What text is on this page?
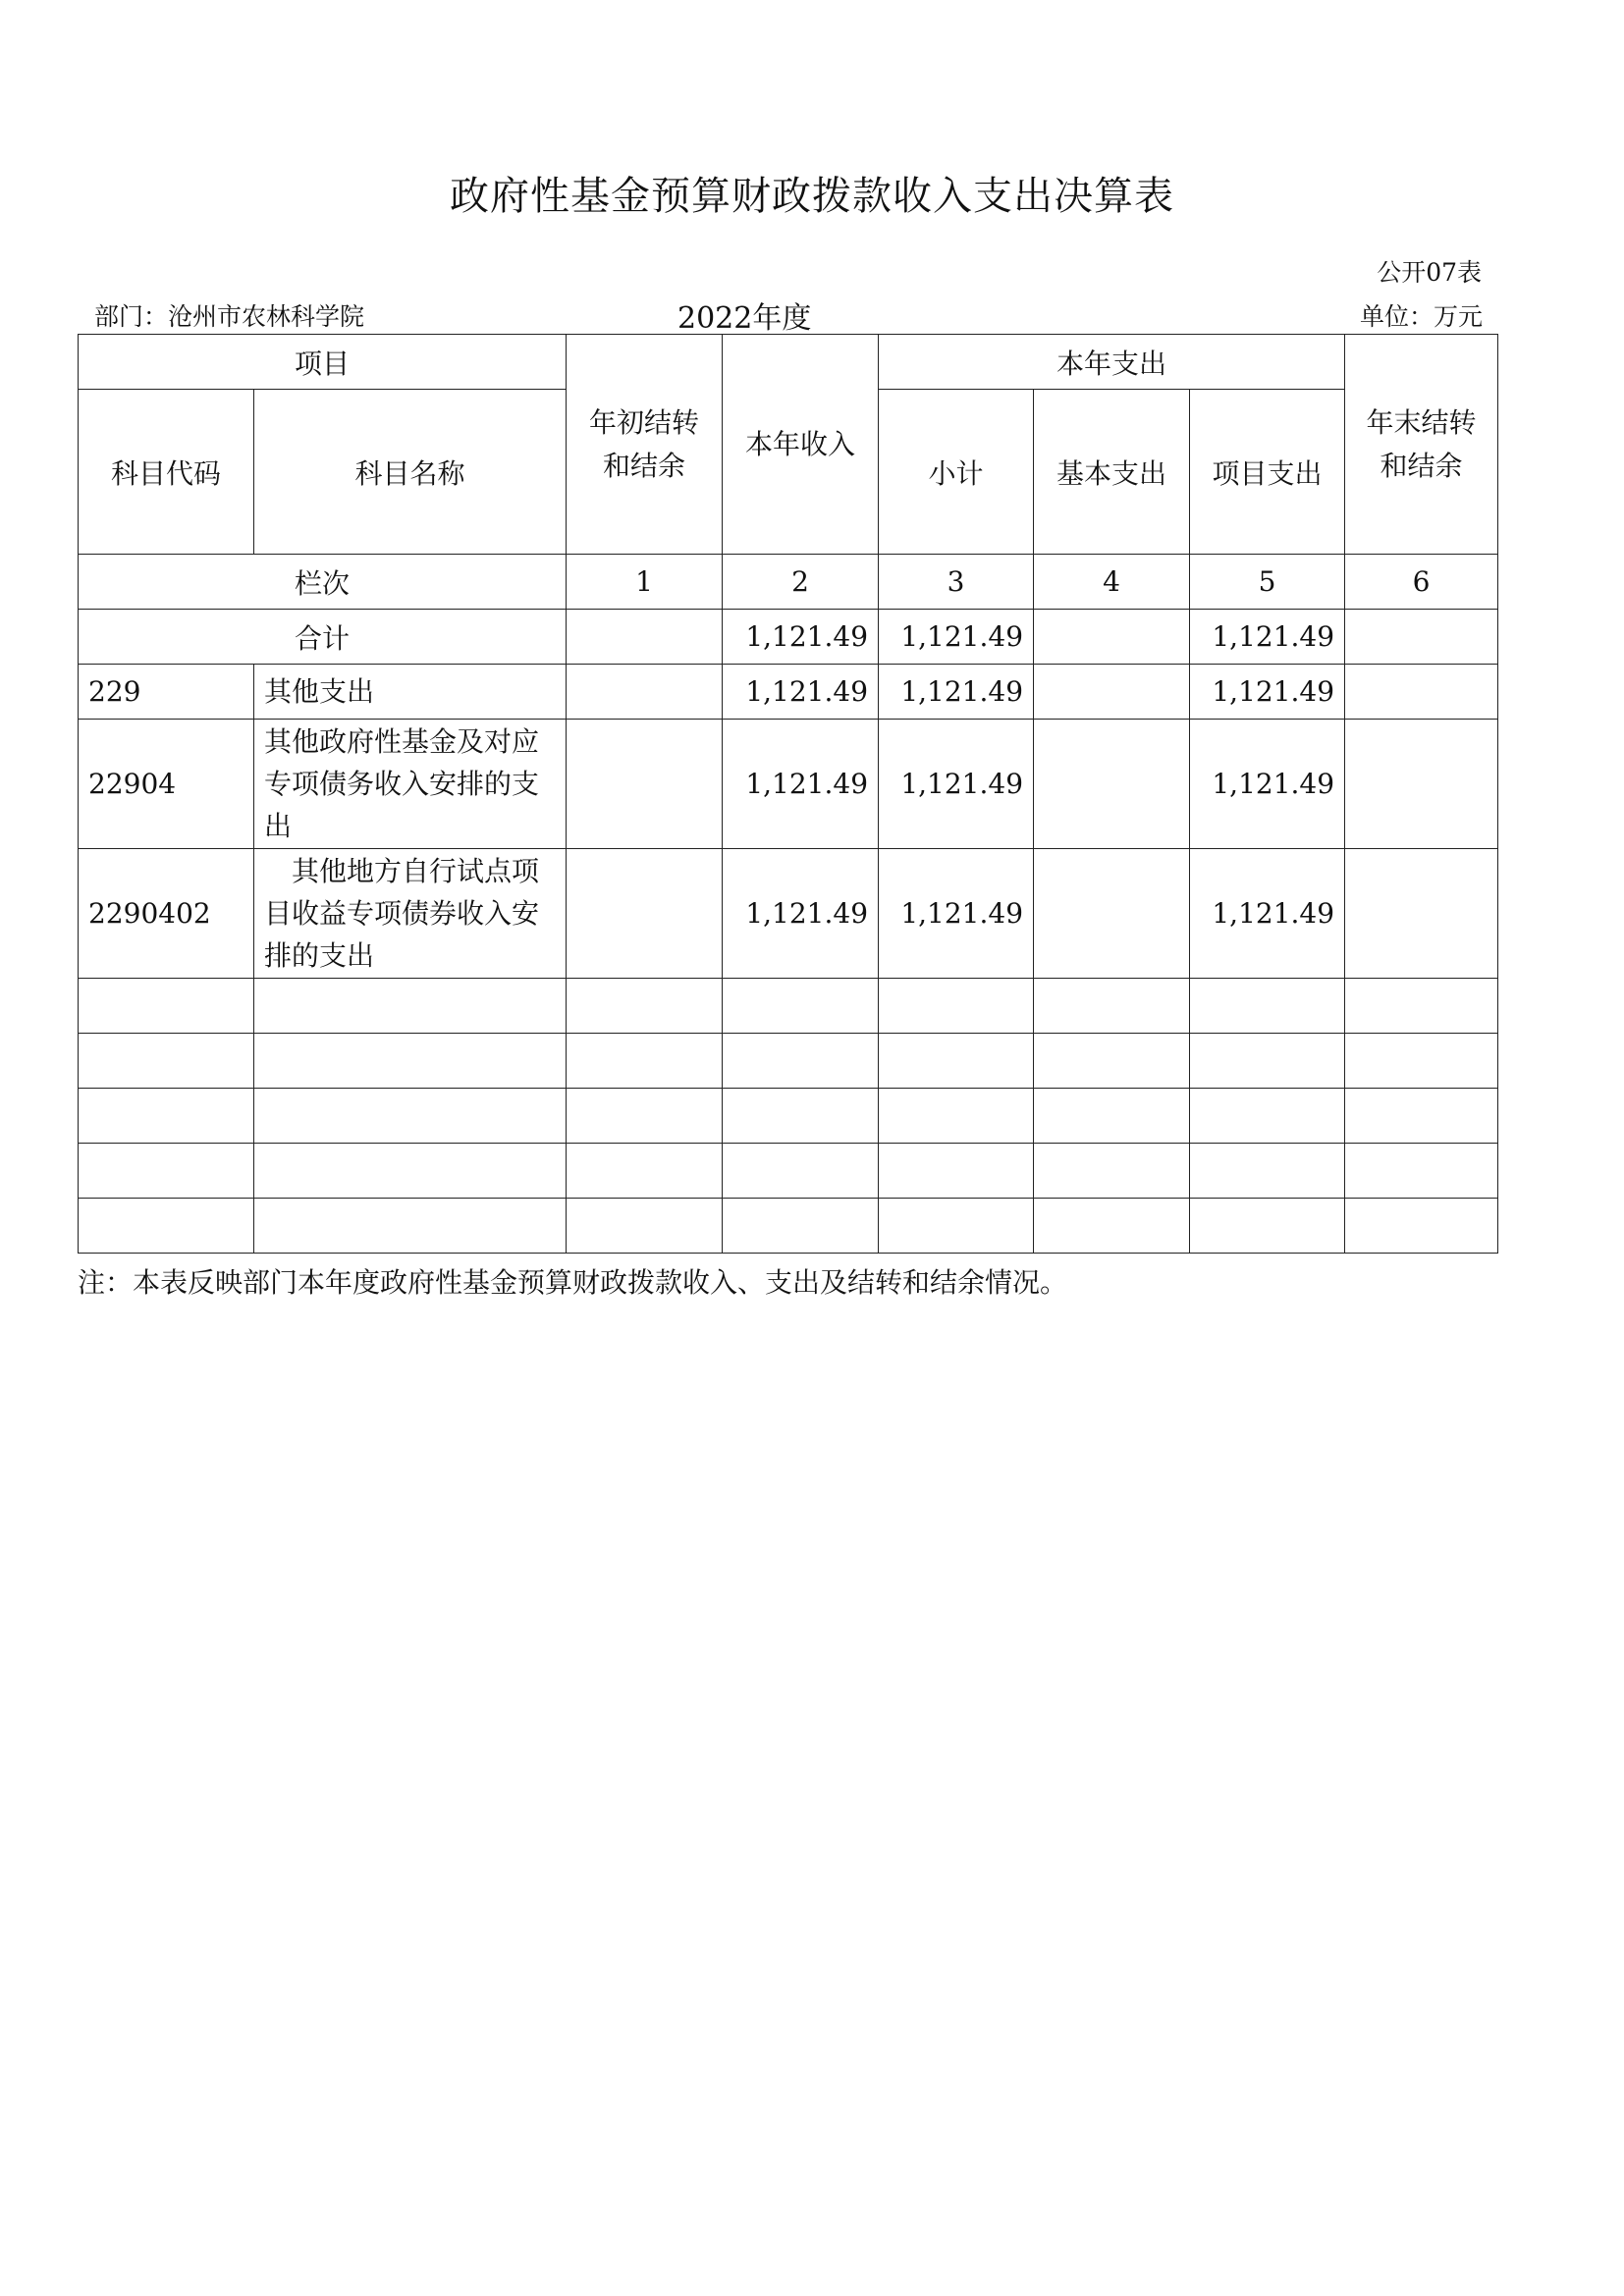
政府性基金预算财政拨款收入支出决算表
公开07表
部门：沧州市农林科学院	2022年度	单位：万元
项目		年初结转和结余	本年收入	本年支出			年末结转和结余
科目代码	科目名称			小计	基本支出	项目支出	
栏次		1	2	3	4	5	6
合计			1,121.49	1,121.49		1,121.49	
229	其他支出		1,121.49	1,121.49		1,121.49	
22904	其他政府性基金及对应专项债务收入安排的支出		1,121.49	1,121.49		1,121.49	
2290402	其他地方自行试点项目收益专项债券收入安排的支出		1,121.49	1,121.49		1,121.49	

注：本表反映部门本年度政府性基金预算财政拨款收入、支出及结转和结余情况。
